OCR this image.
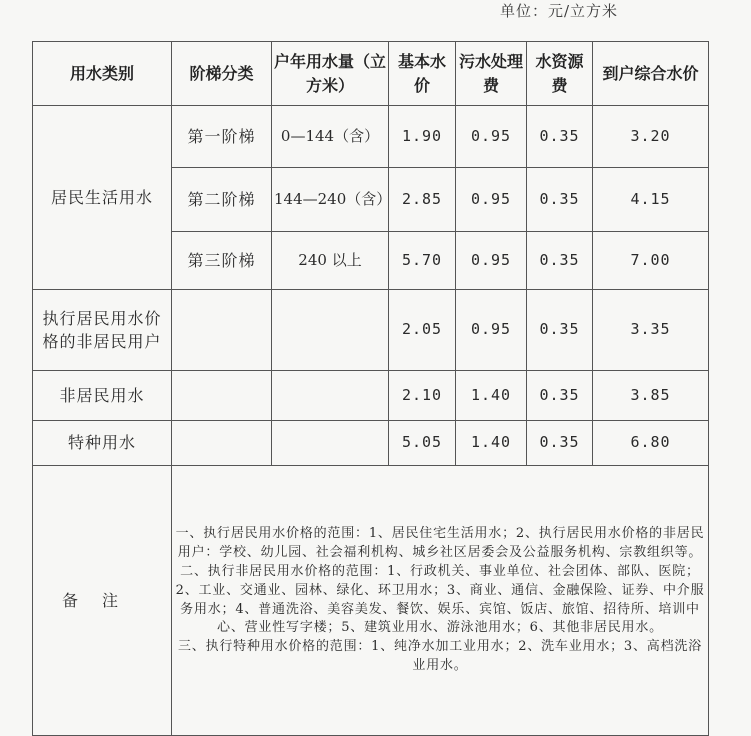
单位：元/立方米
用水类别	阶梯分类	户年用水量（立方米）	基本水价	污水处理费	水资源费	到户综合水价
居民生活用水	第一阶梯	0—144（含）	1.90	0.95	0.35	3.20
	第二阶梯	144—240（含）	2.85	0.95	0.35	4.15
	第三阶梯	240 以上	5.70	0.95	0.35	7.00
执行居民用水价格的非居民用户			2.05	0.95	0.35	3.35
非居民用水			2.10	1.40	0.35	3.85
特种用水			5.05	1.40	0.35	6.80
备注	一、执行居民用水价格的范围：1、居民住宅生活用水；2、执行居民用水价格的非居民用户：学校、幼儿园、社会福利机构、城乡社区居委会及公益服务机构、宗教组织等。

二、执行非居民用水价格的范围：1、行政机关、事业单位、社会团体、部队、医院；2、工业、交通业、园林、绿化、环卫用水；3、商业、通信、金融保险、证券、中介服务用水；4、普通洗浴、美容美发、餐饮、娱乐、宾馆、饭店、旅馆、招待所、培训中心、营业性写字楼；5、建筑业用水、游泳池用水；6、其他非居民用水。

三、执行特种用水价格的范围：1、纯净水加工业用水；2、洗车业用水；3、高档洗浴业用水。					
